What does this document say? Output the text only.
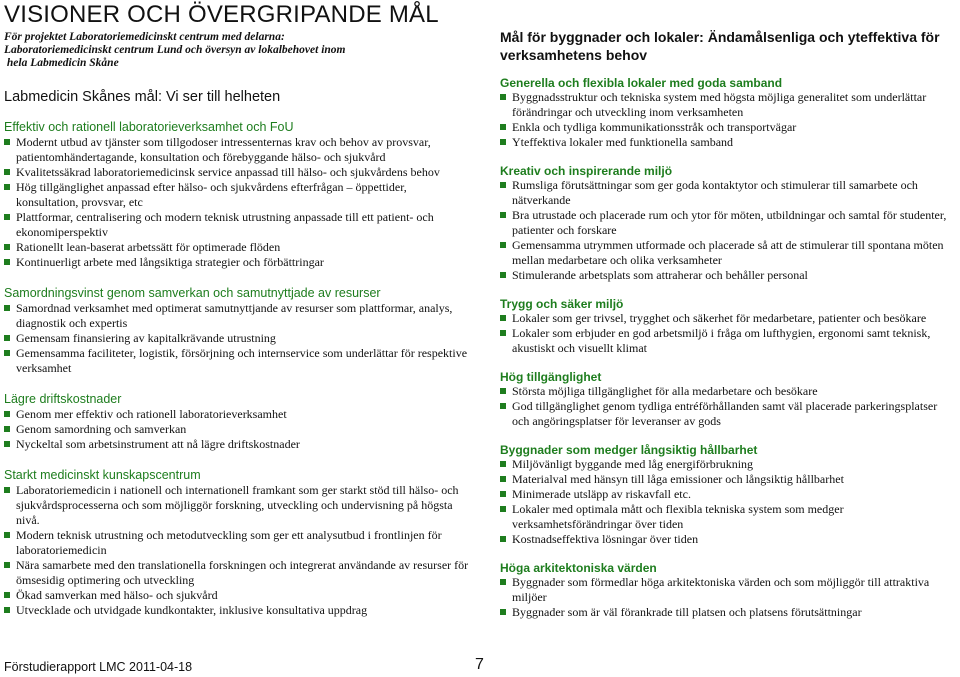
VISIONER OCH ÖVERGRIPANDE MÅL
För projektet Laboratoriemedicinskt centrum med delarna:
Laboratoriemedicinskt centrum Lund och översyn av lokalbehovet inom
hela Labmedicin Skåne
Labmedicin Skånes mål: Vi ser till helheten
Effektiv och rationell laboratorieverksamhet och FoU
Modernt utbud av tjänster som tillgodoser intressenternas krav och behov av provsvar, patientomhändertagande, konsultation och förebyggande hälso- och sjukvård
Kvalitetssäkrad laboratoriemedicinsk service anpassad till hälso- och sjukvårdens behov
Hög tillgänglighet anpassad efter hälso- och sjukvårdens efterfrågan – öppettider, konsultation, provsvar, etc
Plattformar, centralisering och modern teknisk utrustning anpassade till ett patient- och ekonomiperspektiv
Rationellt lean-baserat arbetssätt för optimerade flöden
Kontinuerligt arbete med långsiktiga strategier och förbättringar
Samordningsvinst genom samverkan och samutnyttjade av resurser
Samordnad verksamhet med optimerat samutnyttjande av resurser som plattformar, analys, diagnostik och expertis
Gemensam finansiering av kapitalkrävande utrustning
Gemensamma faciliteter, logistik, försörjning och internservice som underlättar för respektive verksamhet
Lägre driftskostnader
Genom mer effektiv och rationell laboratorieverksamhet
Genom samordning och samverkan
Nyckeltal som arbetsinstrument att nå lägre driftskostnader
Starkt medicinskt kunskapscentrum
Laboratoriemedicin i nationell och internationell framkant som ger starkt stöd till hälso- och sjukvårdsprocesserna och som möjliggör forskning, utveckling och undervisning på högsta nivå.
Modern teknisk utrustning och metodutveckling som ger ett analysutbud i frontlinjen för laboratoriemedicin
Nära samarbete med den translationella forskningen och integrerat användande av resurser för ömsesidig optimering och utveckling
Ökad samverkan med hälso- och sjukvård
Utvecklade och utvidgade kundkontakter, inklusive konsultativa uppdrag
Mål för byggnader och lokaler: Ändamålsenliga och yteffektiva för verksamhetens behov
Generella och flexibla lokaler med goda samband
Byggnadsstruktur och tekniska system med högsta möjliga generalitet som underlättar förändringar och utveckling inom verksamheten
Enkla och tydliga kommunikationsstråk och transportvägar
Yteffektiva lokaler med funktionella samband
Kreativ och inspirerande miljö
Rumsliga förutsättningar som ger goda kontaktytor och stimulerar till samarbete och nätverkande
Bra utrustade och placerade rum och ytor för möten, utbildningar och samtal för studenter, patienter och forskare
Gemensamma utrymmen utformade och placerade så att de stimulerar till spontana möten mellan medarbetare och olika verksamheter
Stimulerande arbetsplats som attraherar och behåller personal
Trygg och säker miljö
Lokaler som ger trivsel, trygghet och säkerhet för medarbetare, patienter och besökare
Lokaler som erbjuder en god arbetsmiljö i fråga om lufthygien, ergonomi samt teknisk, akustiskt och visuellt klimat
Hög tillgänglighet
Största möjliga tillgänglighet för alla medarbetare och besökare
God tillgänglighet genom tydliga entréförhållanden samt väl placerade parkeringsplatser och angöringsplatser för leveranser av gods
Byggnader som medger långsiktig hållbarhet
Miljövänligt byggande med låg energiförbrukning
Materialval med hänsyn till låga emissioner och långsiktig hållbarhet
Minimerade utsläpp av riskavfall etc.
Lokaler med optimala mått och flexibla tekniska system som medger verksamhetsförändringar över tiden
Kostnadseffektiva lösningar över tiden
Höga arkitektoniska värden
Byggnader som förmedlar höga arkitektoniska värden och som möjliggör till attraktiva miljöer
Byggnader som är väl förankrade till platsen och platsens förutsättningar
Förstudierapport LMC 2011-04-18	7
